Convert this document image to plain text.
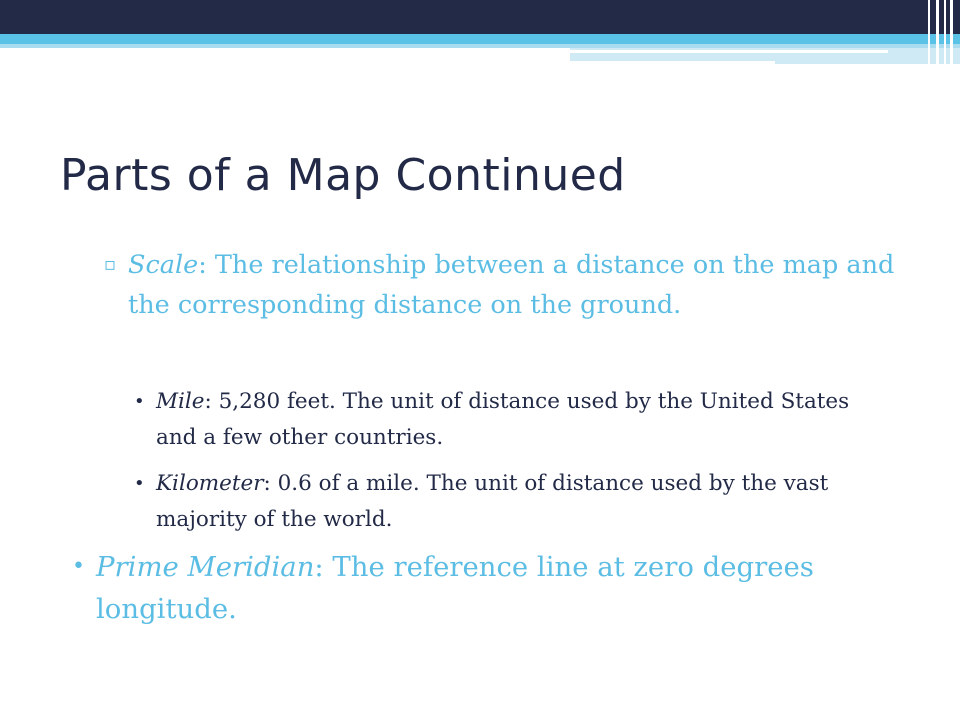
Parts of a Map Continued
▫ Scale: The relationship between a distance on the map and the corresponding distance on the ground.
• Mile: 5,280 feet. The unit of distance used by the United States and a few other countries.
• Kilometer: 0.6 of a mile. The unit of distance used by the vast majority of the world.
• Prime Meridian: The reference line at zero degrees longitude.
